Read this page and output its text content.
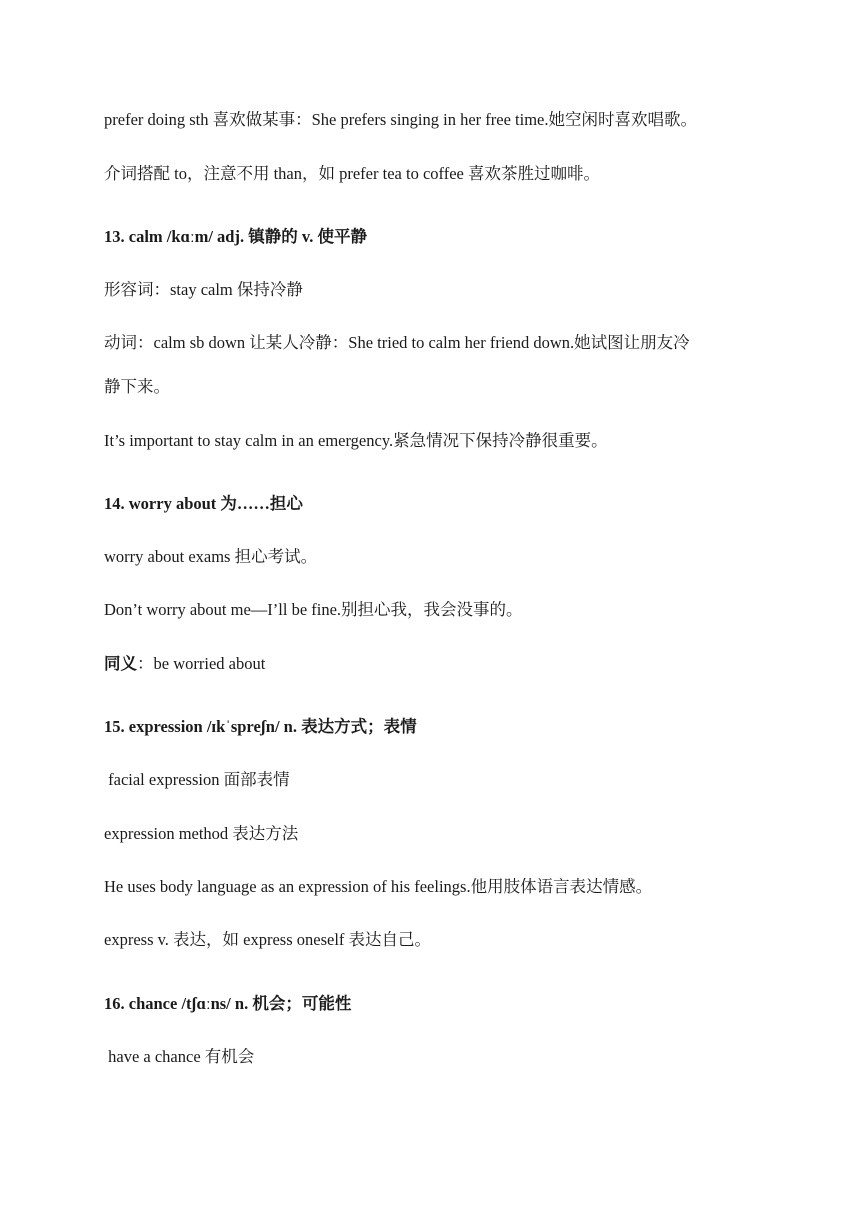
prefer doing sth 喜欢做某事：She prefers singing in her free time.她空闲时喜欢唱歌。
介词搭配 to，注意不用 than，如 prefer tea to coffee 喜欢茶胜过咖啡。
13. calm /kɑːm/ adj. 镇静的 v. 使平静
形容词：stay calm 保持冷静
动词：calm sb down 让某人冷静：She tried to calm her friend down.她试图让朋友冷
静下来。
It’s important to stay calm in an emergency.紧急情况下保持冷静很重要。
14. worry about 为……担心
worry about exams 担心考试。
Don’t worry about me—I’ll be fine.别担心我，我会没事的。
同义：be worried about
15. expression /ɪkˈspreʃn/ n. 表达方式；表情
facial expression 面部表情
expression method 表达方法
He uses body language as an expression of his feelings.他用肢体语言表达情感。
express v. 表达，如 express oneself 表达自己。
16. chance /tʃɑːns/ n. 机会；可能性
have a chance 有机会
